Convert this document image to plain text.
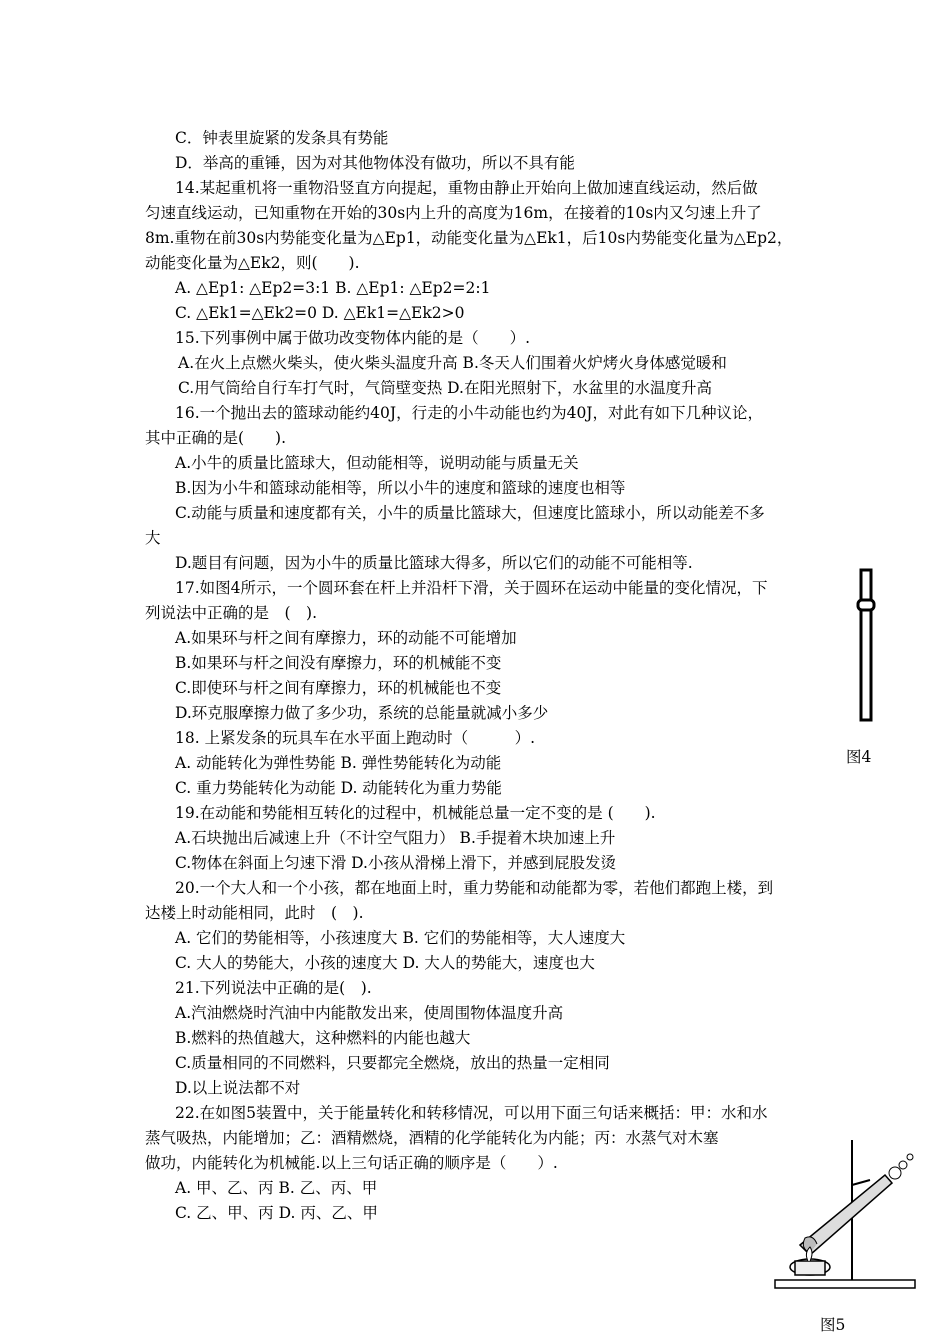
C．钟表里旋紧的发条具有势能
D．举高的重锤，因为对其他物体没有做功，所以不具有能
14.某起重机将一重物沿竖直方向提起，重物由静止开始向上做加速直线运动，然后做
匀速直线运动，已知重物在开始的30s内上升的高度为16m，在接着的10s内又匀速上升了
8m.重物在前30s内势能变化量为△Ep1，动能变化量为△Ek1，后10s内势能变化量为△Ep2，
动能变化量为△Ek2，则(　　).
A. △Ep1: △Ep2=3:1 B. △Ep1: △Ep2=2:1
C. △Ek1=△Ek2=0 D. △Ek1=△Ek2>0
15.下列事例中属于做功改变物体内能的是（　　）.
A.在火上点燃火柴头，使火柴头温度升高 B.冬天人们围着火炉烤火身体感觉暖和
C.用气筒给自行车打气时，气筒壁变热 D.在阳光照射下，水盆里的水温度升高
16.一个抛出去的篮球动能约40J，行走的小牛动能也约为40J，对此有如下几种议论，
其中正确的是(　　).
A.小牛的质量比篮球大，但动能相等，说明动能与质量无关
B.因为小牛和篮球动能相等，所以小牛的速度和篮球的速度也相等
C.动能与质量和速度都有关，小牛的质量比篮球大，但速度比篮球小，所以动能差不多
大
D.题目有问题，因为小牛的质量比篮球大得多，所以它们的动能不可能相等.
17.如图4所示，一个圆环套在杆上并沿杆下滑，关于圆环在运动中能量的变化情况，下
列说法中正确的是　(　).
A.如果环与杆之间有摩擦力，环的动能不可能增加
B.如果环与杆之间没有摩擦力，环的机械能不变
C.即使环与杆之间有摩擦力，环的机械能也不变
D.环克服摩擦力做了多少功，系统的总能量就减小多少
18. 上紧发条的玩具车在水平面上跑动时（　　　）.
A. 动能转化为弹性势能 B. 弹性势能转化为动能
C. 重力势能转化为动能 D. 动能转化为重力势能
19.在动能和势能相互转化的过程中，机械能总量一定不变的是 (　　).
A.石块抛出后减速上升（不计空气阻力） B.手提着木块加速上升
C.物体在斜面上匀速下滑 D.小孩从滑梯上滑下，并感到屁股发烫
20.一个大人和一个小孩，都在地面上时，重力势能和动能都为零，若他们都跑上楼，到
达楼上时动能相同，此时　(　).
A. 它们的势能相等，小孩速度大 B. 它们的势能相等，大人速度大
C. 大人的势能大，小孩的速度大 D. 大人的势能大，速度也大
21.下列说法中正确的是(　).
A.汽油燃烧时汽油中内能散发出来，使周围物体温度升高
B.燃料的热值越大，这种燃料的内能也越大
C.质量相同的不同燃料，只要都完全燃烧，放出的热量一定相同
D.以上说法都不对
22.在如图5装置中，关于能量转化和转移情况，可以用下面三句话来概括：甲：水和水
蒸气吸热，内能增加；乙：酒精燃烧，酒精的化学能转化为内能；丙：水蒸气对木塞
做功，内能转化为机械能.以上三句话正确的顺序是（　　）.
A. 甲、乙、丙 B. 乙、丙、甲
C. 乙、甲、丙 D. 丙、乙、甲
图4
图5
